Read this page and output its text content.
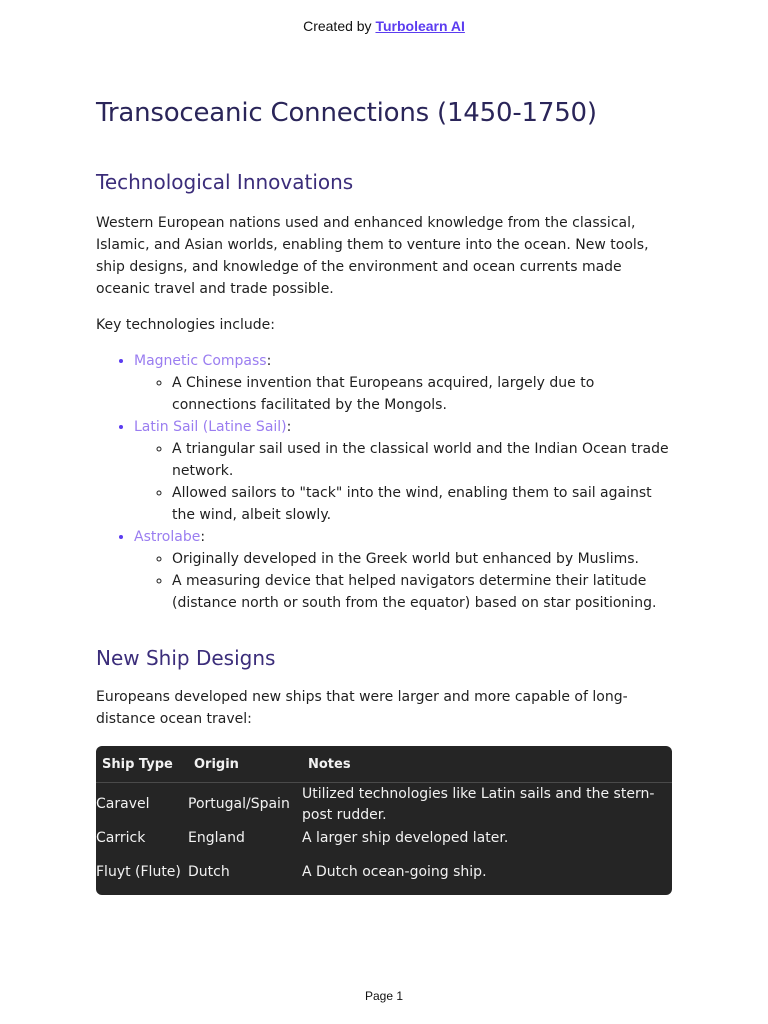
Created by Turbolearn AI
Transoceanic Connections (1450-1750)
Technological Innovations

Western European nations used and enhanced knowledge from the classical, Islamic, and Asian worlds, enabling them to venture into the ocean. New tools, ship designs, and knowledge of the environment and ocean currents made oceanic travel and trade possible.

Key technologies include:

• Magnetic Compass:
◦ A Chinese invention that Europeans acquired, largely due to connections facilitated by the Mongols.
• Latin Sail (Latine Sail):
◦ A triangular sail used in the classical world and the Indian Ocean trade network.
◦ Allowed sailors to "tack" into the wind, enabling them to sail against the wind, albeit slowly.
• Astrolabe:
◦ Originally developed in the Greek world but enhanced by Muslims.
◦ A measuring device that helped navigators determine their latitude (distance north or south from the equator) based on star positioning.
New Ship Designs

Europeans developed new ships that were larger and more capable of long-distance ocean travel:

Ship Type	Origin	Notes
Caravel	Portugal/Spain	Utilized technologies like Latin sails and the stern-post rudder.
Carrick	England	A larger ship developed later.
Fluyt (Flute)	Dutch	A Dutch ocean-going ship.
Page 1
